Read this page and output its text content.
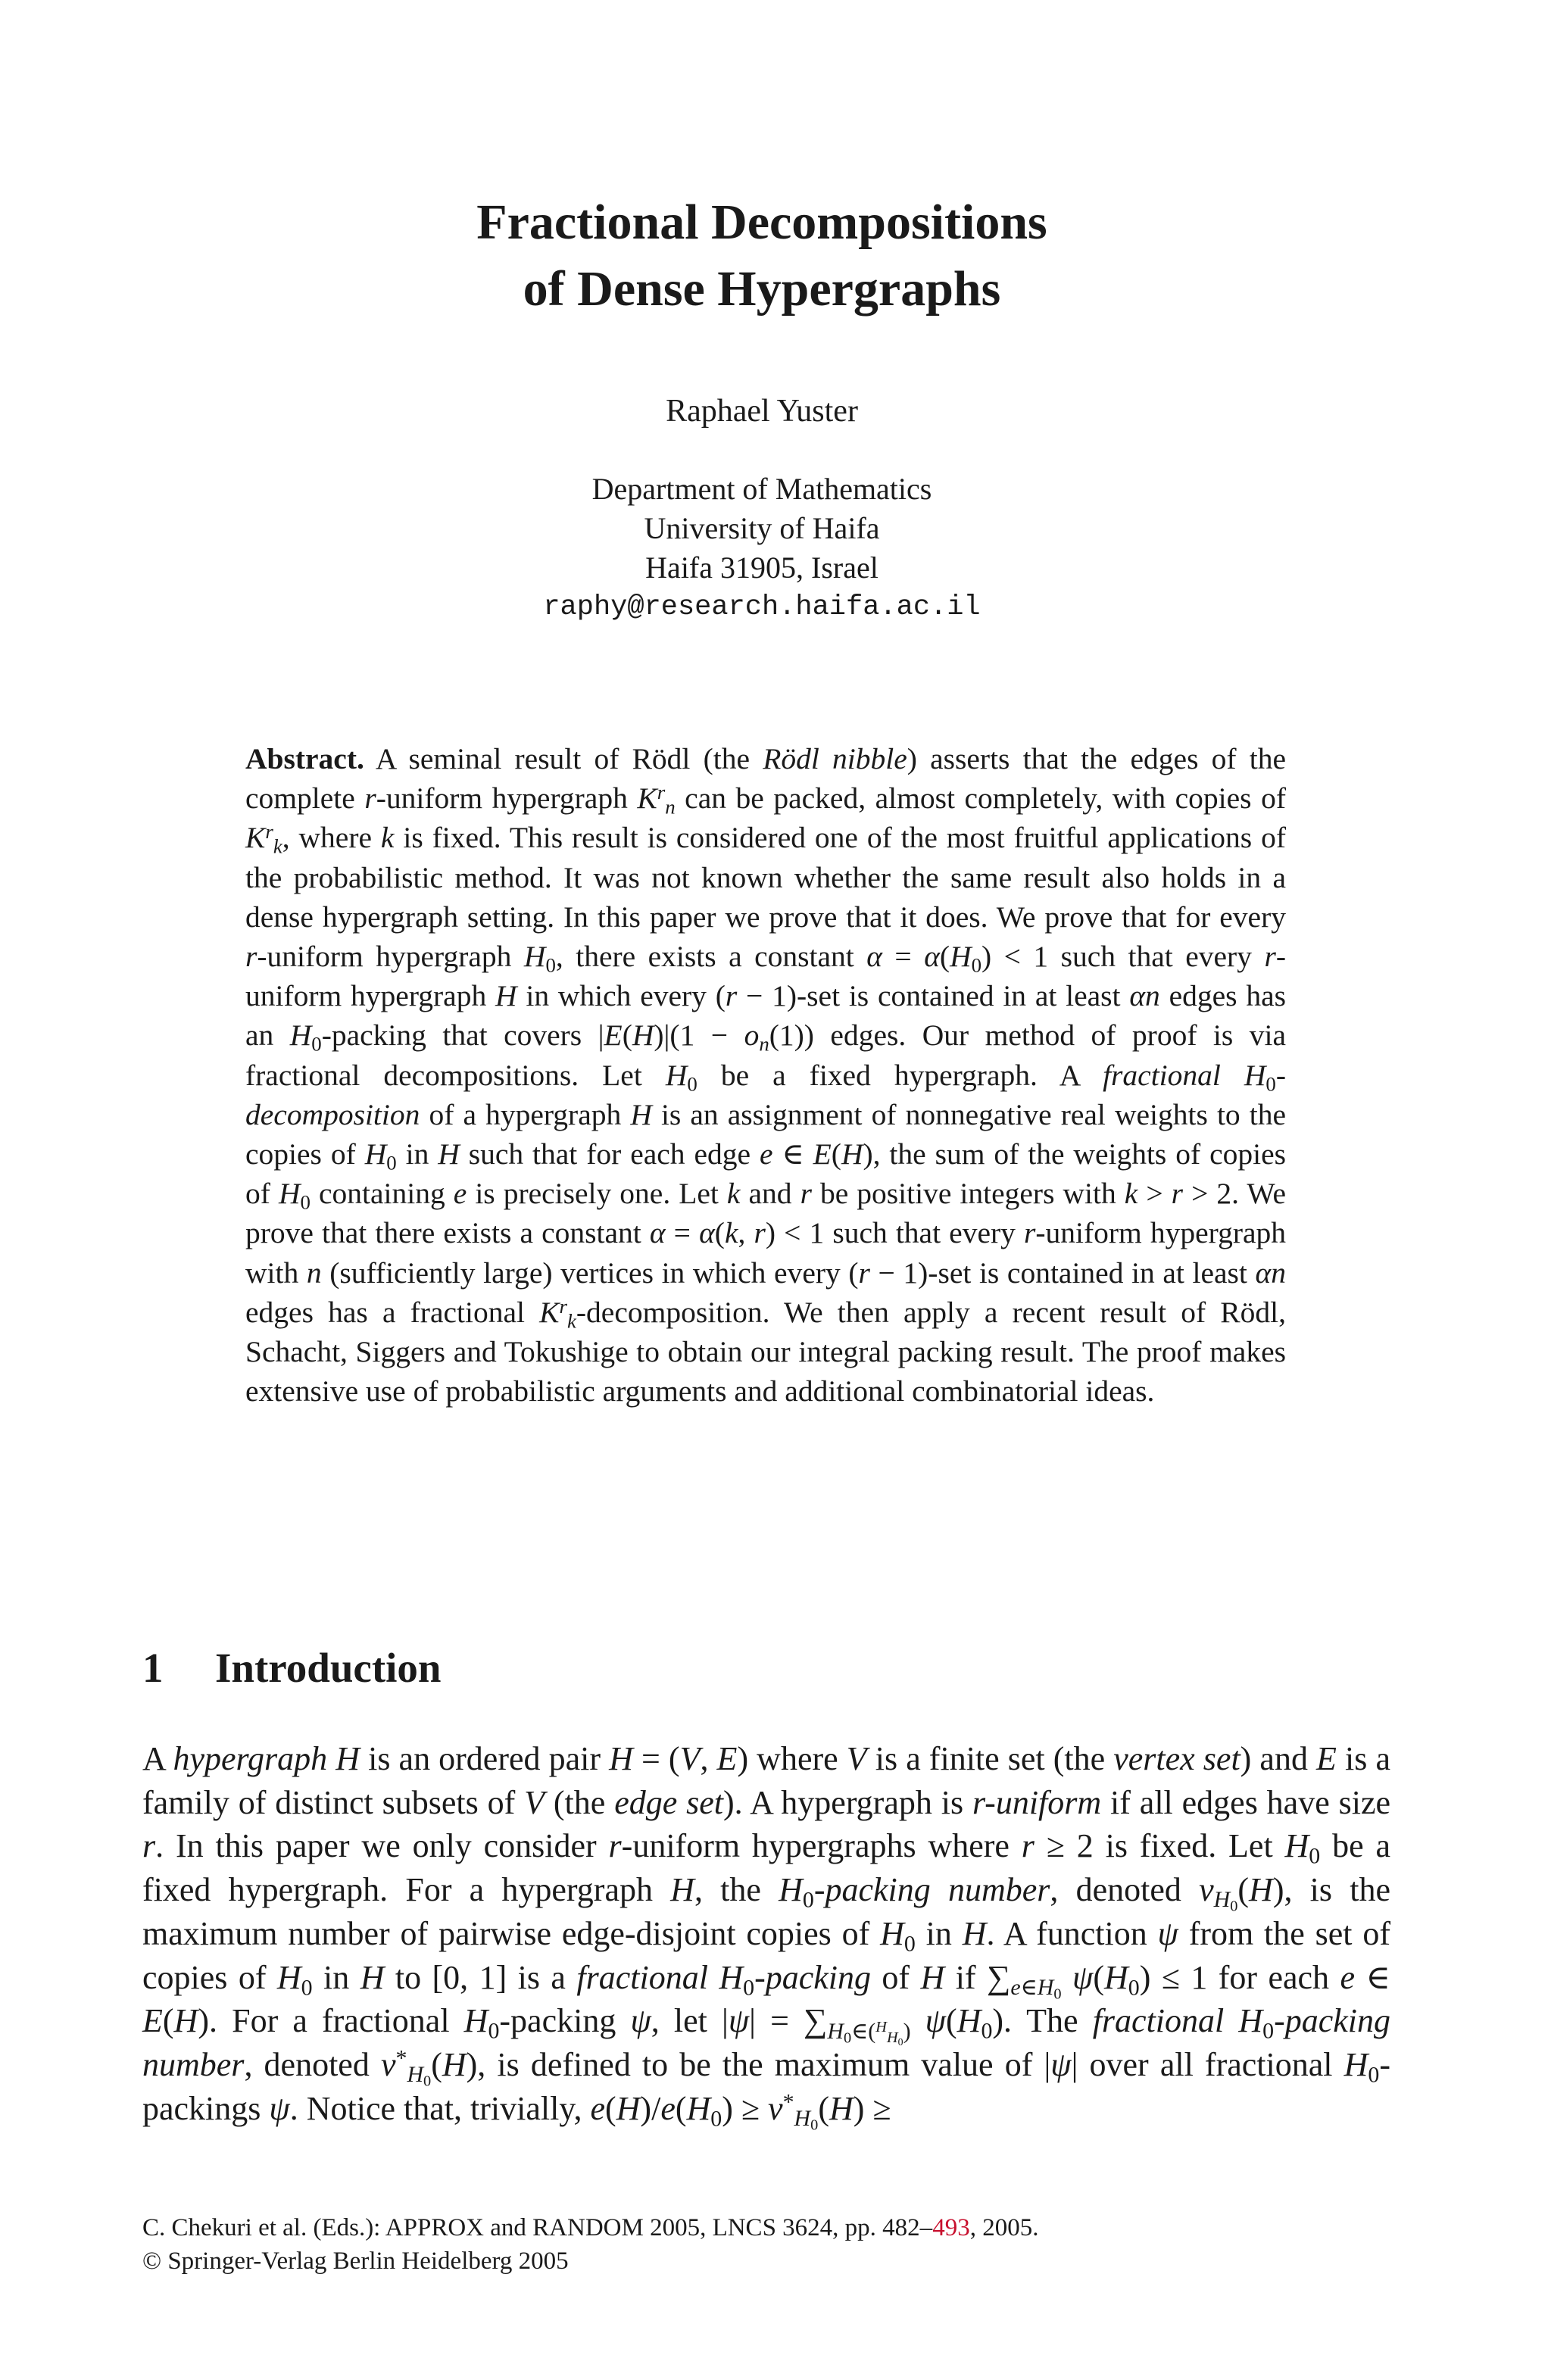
Fractional Decompositions
of Dense Hypergraphs
Raphael Yuster
Department of Mathematics
University of Haifa
Haifa 31905, Israel
raphy@research.haifa.ac.il
Abstract. A seminal result of Rödl (the Rödl nibble) asserts that the edges of the complete r-uniform hypergraph $K^r_n$ can be packed, almost completely, with copies of $K^r_k$, where k is fixed. This result is considered one of the most fruitful applications of the probabilistic method. It was not known whether the same result also holds in a dense hypergraph setting. In this paper we prove that it does. We prove that for every r-uniform hypergraph $H_0$, there exists a constant $\alpha = \alpha(H_0) < 1$ such that every r-uniform hypergraph H in which every (r − 1)-set is contained in at least αn edges has an $H_0$-packing that covers $|E(H)|(1 - o_n(1))$ edges. Our method of proof is via fractional decompositions. Let $H_0$ be a fixed hypergraph. A fractional $H_0$-decomposition of a hypergraph H is an assignment of nonnegative real weights to the copies of $H_0$ in H such that for each edge e ∈ E(H), the sum of the weights of copies of $H_0$ containing e is precisely one. Let k and r be positive integers with k > r > 2. We prove that there exists a constant α = α(k, r) < 1 such that every r-uniform hypergraph with n (sufficiently large) vertices in which every (r − 1)-set is contained in at least αn edges has a fractional $K^r_k$-decomposition. We then apply a recent result of Rödl, Schacht, Siggers and Tokushige to obtain our integral packing result. The proof makes extensive use of probabilistic arguments and additional combinatorial ideas.
1 Introduction
A hypergraph H is an ordered pair H = (V, E) where V is a finite set (the vertex set) and E is a family of distinct subsets of V (the edge set). A hypergraph is r-uniform if all edges have size r. In this paper we only consider r-uniform hypergraphs where r ≥ 2 is fixed. Let $H_0$ be a fixed hypergraph. For a hypergraph H, the $H_0$-packing number, denoted $\nu_{H_0}(H)$, is the maximum number of pairwise edge-disjoint copies of $H_0$ in H. A function ψ from the set of copies of $H_0$ in H to [0, 1] is a fractional $H_0$-packing of H if $\sum_{e\in H_0}$ $\psi(H_0) \le 1$ for each e ∈ E(H). For a fractional $H_0$-packing ψ, let $|\psi| = \sum_{H_0\in(^H_{H_0})}$ $\psi(H_0)$. The fractional $H_0$-packing number, denoted $\nu^*_{H_0}(H)$, is defined to be the maximum value of |ψ| over all fractional $H_0$-packings ψ. Notice that, trivially, $e(H)/e(H_0) \ge \nu^*_{H_0}(H)$ ≥
C. Chekuri et al. (Eds.): APPROX and RANDOM 2005, LNCS 3624, pp. 482–493, 2005.
© Springer-Verlag Berlin Heidelberg 2005
